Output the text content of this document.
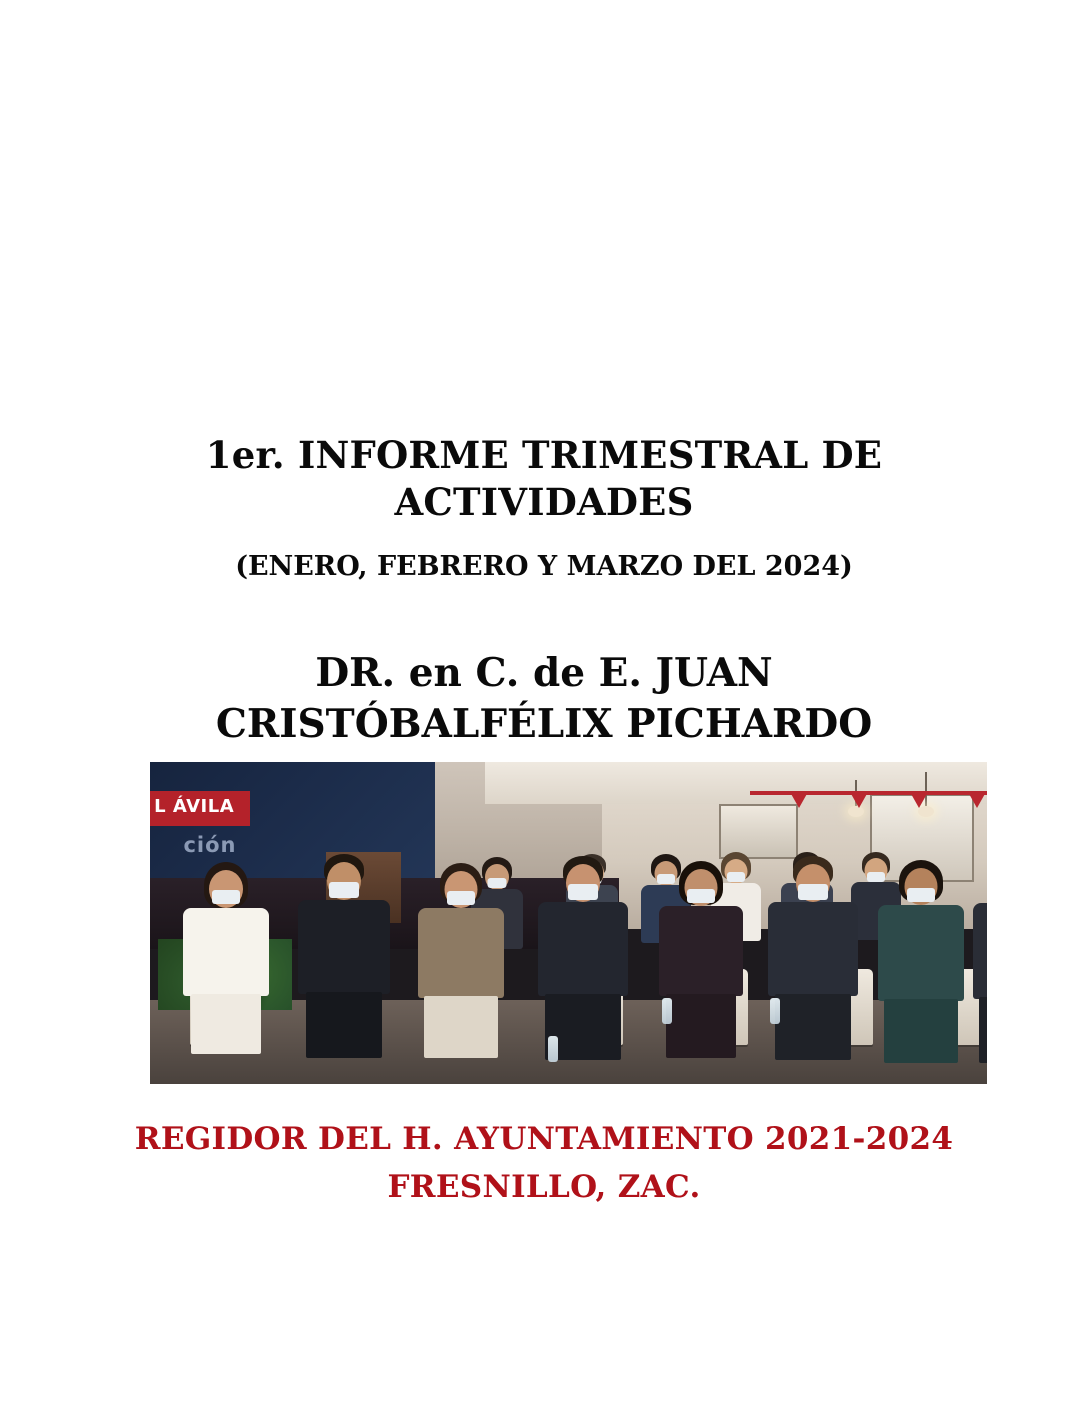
1er. INFORME TRIMESTRAL DE ACTIVIDADES
(ENERO, FEBRERO Y MARZO DEL 2024)
DR. en C. de E. JUAN CRISTÓBALFÉLIX PICHARDO
ción
L ÁVILA
REGIDOR DEL H. AYUNTAMIENTO 2021-2024
FRESNILLO, ZAC.
